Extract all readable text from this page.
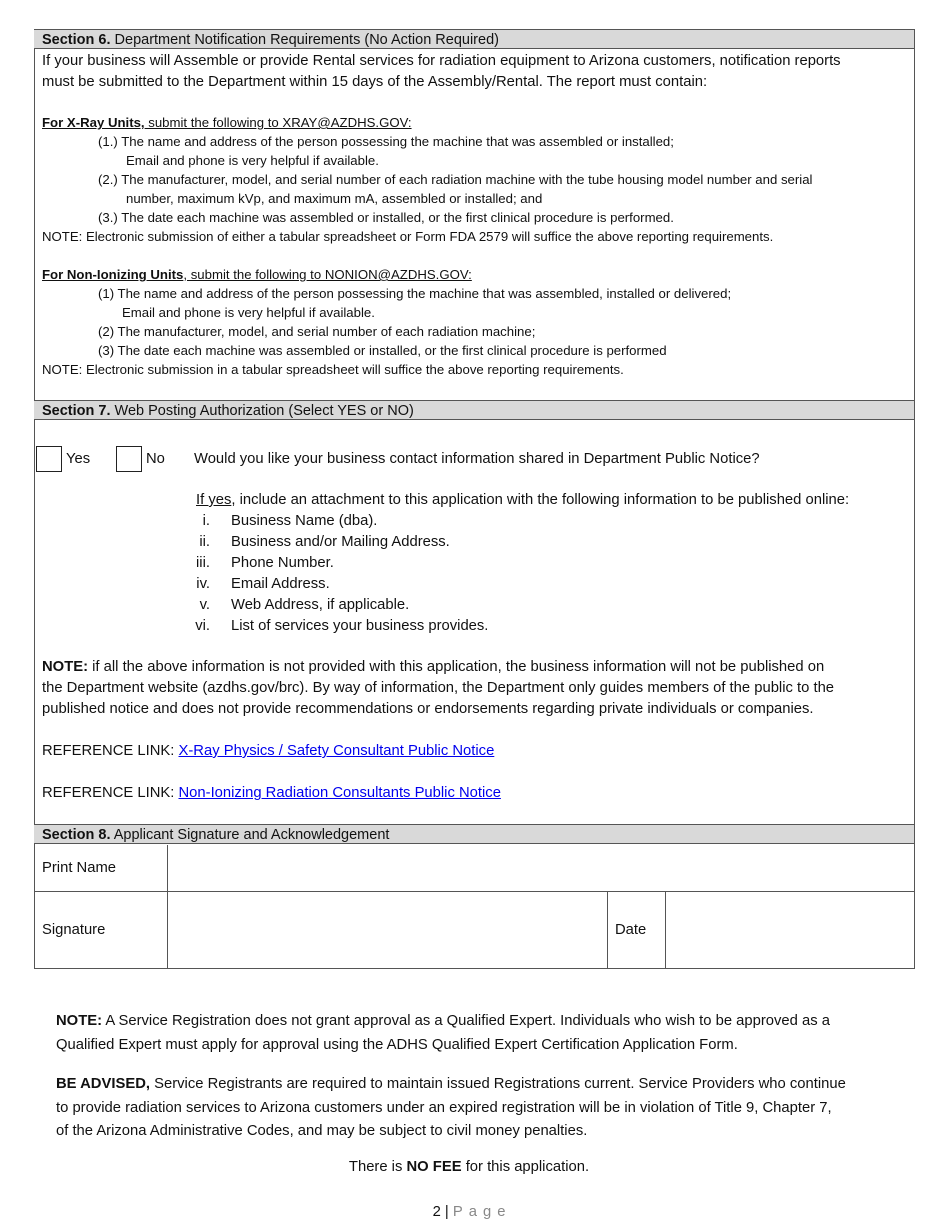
Section 6. Department Notification Requirements (No Action Required)
If your business will Assemble or provide Rental services for radiation equipment to Arizona customers, notification reports
must be submitted to the Department within 15 days of the Assembly/Rental. The report must contain:
For X-Ray Units, submit the following to XRAY@AZDHS.GOV:
(1.) The name and address of the person possessing the machine that was assembled or installed;
Email and phone is very helpful if available.
(2.) The manufacturer, model, and serial number of each radiation machine with the tube housing model number and serial
number, maximum kVp, and maximum mA, assembled or installed; and
(3.) The date each machine was assembled or installed, or the first clinical procedure is performed.
NOTE: Electronic submission of either a tabular spreadsheet or Form FDA 2579 will suffice the above reporting requirements.
For Non-Ionizing Units, submit the following to NONION@AZDHS.GOV:
(1) The name and address of the person possessing the machine that was assembled, installed or delivered;
Email and phone is very helpful if available.
(2) The manufacturer, model, and serial number of each radiation machine;
(3) The date each machine was assembled or installed, or the first clinical procedure is performed
NOTE: Electronic submission in a tabular spreadsheet will suffice the above reporting requirements.
Section 7. Web Posting Authorization (Select YES or NO)
Yes	No Would you like your business contact information shared in Department Public Notice?
If yes, include an attachment to this application with the following information to be published online:
i. Business Name (dba).
ii. Business and/or Mailing Address.
iii. Phone Number.
iv. Email Address.
v. Web Address, if applicable.
vi. List of services your business provides.
NOTE: if all the above information is not provided with this application, the business information will not be published on
the Department website (azdhs.gov/brc). By way of information, the Department only guides members of the public to the
published notice and does not provide recommendations or endorsements regarding private individuals or companies.
REFERENCE LINK: X-Ray Physics / Safety Consultant Public Notice
REFERENCE LINK: Non-Ionizing Radiation Consultants Public Notice
Section 8. Applicant Signature and Acknowledgement
Print Name
Signature	Date
NOTE: A Service Registration does not grant approval as a Qualified Expert. Individuals who wish to be approved as a
Qualified Expert must apply for approval using the ADHS Qualified Expert Certification Application Form.
BE ADVISED, Service Registrants are required to maintain issued Registrations current. Service Providers who continue
to provide radiation services to Arizona customers under an expired registration will be in violation of Title 9, Chapter 7,
of the Arizona Administrative Codes, and may be subject to civil money penalties.
There is NO FEE for this application.
2 | Page
